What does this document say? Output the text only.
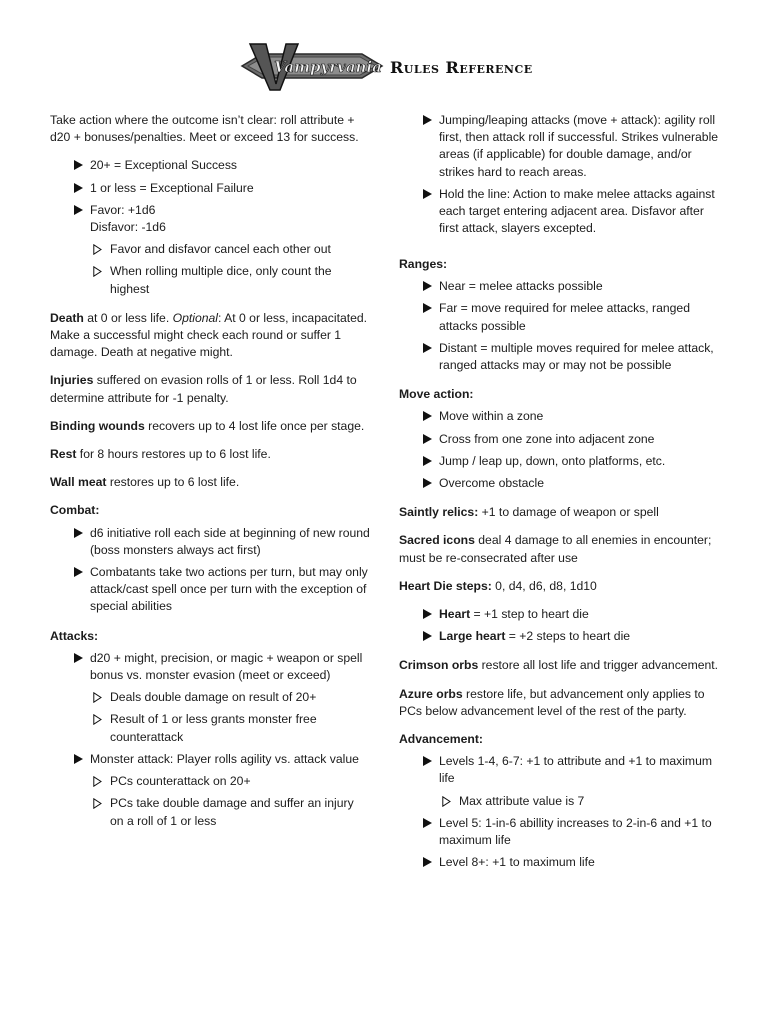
Vampyrvania Rules Reference

Take action where the outcome isn’t clear: roll attribute + d20 + bonuses/penalties. Meet or exceed 13 for success.

20+ = Exceptional Success
1 or less = Exceptional Failure
Favor: +1d6
Disfavor: -1d6
Favor and disfavor cancel each other out
When rolling multiple dice, only count the highest

Death at 0 or less life. Optional: At 0 or less, incapacitated. Make a successful might check each round or suffer 1 damage. Death at negative might.

Injuries suffered on evasion rolls of 1 or less. Roll 1d4 to determine attribute for -1 penalty.

Binding wounds recovers up to 4 lost life once per stage.

Rest for 8 hours restores up to 6 lost life.

Wall meat restores up to 6 lost life.

Combat:
d6 initiative roll each side at beginning of new round (boss monsters always act first)
Combatants take two actions per turn, but may only attack/cast spell once per turn with the exception of special abilities
Attacks:
d20 + might, precision, or magic + weapon or spell bonus vs. monster evasion (meet or exceed)
Deals double damage on result of 20+
Result of 1 or less grants monster free counterattack
Monster attack: Player rolls agility vs. attack value
PCs counterattack on 20+
PCs take double damage and suffer an injury on a roll of 1 or less
Jumping/leaping attacks (move + attack): agility roll first, then attack roll if successful. Strikes vulnerable areas (if applicable) for double damage, and/or strikes hard to reach areas.
Hold the line: Action to make melee attacks against each target entering adjacent area. Disfavor after first attack, slayers excepted.
Ranges:
Near = melee attacks possible
Far = move required for melee attacks, ranged attacks possible
Distant = multiple moves required for melee attack, ranged attacks may or may not be possible
Move action:
Move within a zone
Cross from one zone into adjacent zone
Jump / leap up, down, onto platforms, etc.
Overcome obstacle

Saintly relics: +1 to damage of weapon or spell

Sacred icons deal 4 damage to all enemies in encounter; must be re-consecrated after use

Heart Die steps: 0, d4, d6, d8, 1d10

Heart = +1 step to heart die
Large heart = +2 steps to heart die

Crimson orbs restore all lost life and trigger advancement.

Azure orbs restore life, but advancement only applies to PCs below advancement level of the rest of the party.

Advancement:
Levels 1-4, 6-7: +1 to attribute and +1 to maximum life
Max attribute value is 7
Level 5: 1-in-6 abillity increases to 2-in-6 and +1 to maximum life
Level 8+: +1 to maximum life
